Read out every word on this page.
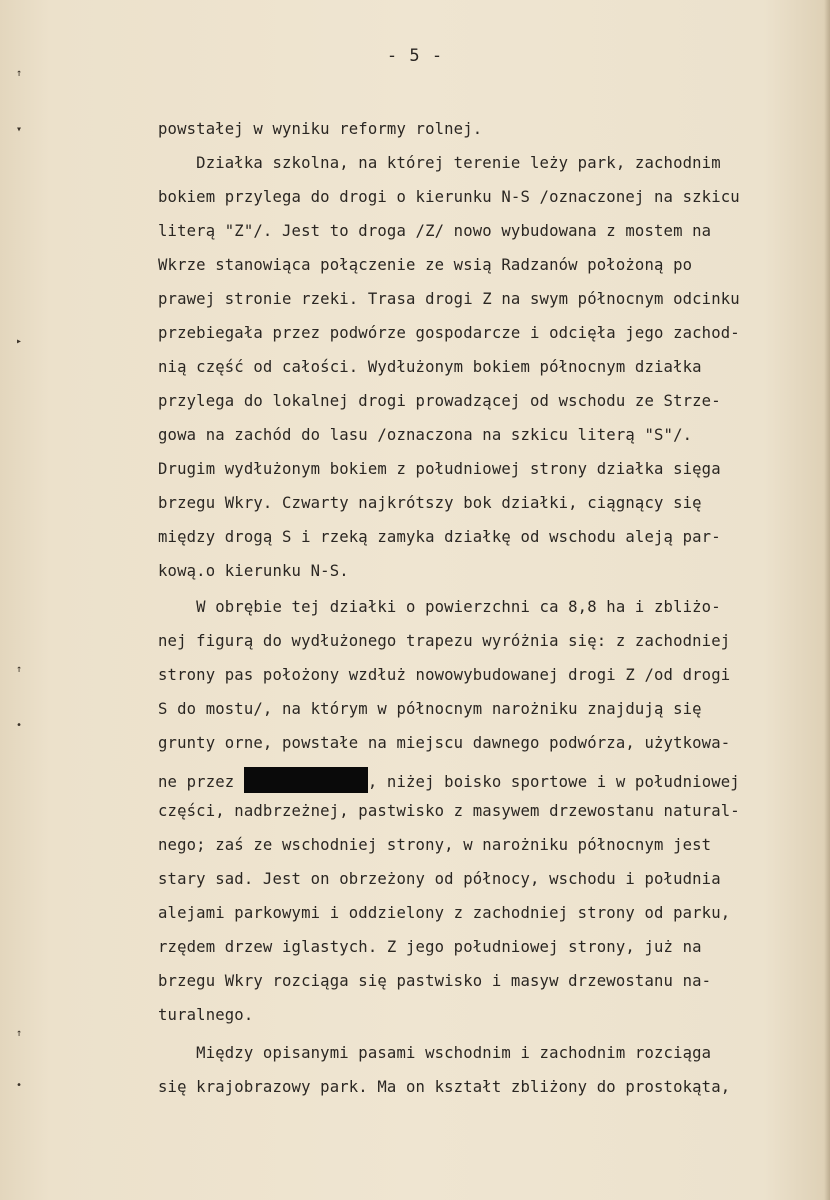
- 5 -
↑
▾
▸
↑
•
↑
•
powstałej w wyniku reformy rolnej.
Działka szkolna, na której terenie leży park, zachodnim
bokiem przylega do drogi o kierunku N-S /oznaczonej na szkicu
literą "Z"/. Jest to droga /Z/ nowo wybudowana z mostem na
Wkrze stanowiąca połączenie ze wsią Radzanów położoną po
prawej stronie rzeki. Trasa drogi Z na swym północnym odcinku
przebiegała przez podwórze gospodarcze i odcięła jego zachod-
nią część od całości. Wydłużonym bokiem północnym działka
przylega do lokalnej drogi prowadzącej od wschodu ze Strze-
gowa na zachód do lasu /oznaczona na szkicu literą "S"/.
Drugim wydłużonym bokiem z południowej strony działka sięga
brzegu Wkry. Czwarty najkrótszy bok działki, ciągnący się
między drogą S i rzeką zamyka działkę od wschodu aleją par-
kową.o kierunku N-S.
W obrębie tej działki o powierzchni ca 8,8 ha i zbliżo-
nej figurą do wydłużonego trapezu wyróżnia się: z zachodniej
strony pas położony wzdłuż nowowybudowanej drogi Z /od drogi
S do mostu/, na którym w północnym narożniku znajdują się
grunty orne, powstałe na miejscu dawnego podwórza, użytkowa-
ne przez	, niżej boisko sportowe i w południowej
części, nadbrzeżnej, pastwisko z masywem drzewostanu natural-
nego; zaś ze wschodniej strony, w narożniku północnym jest
stary sad. Jest on obrzeżony od północy, wschodu i południa
alejami parkowymi i oddzielony z zachodniej strony od parku,
rzędem drzew iglastych. Z jego południowej strony, już na
brzegu Wkry rozciąga się pastwisko i masyw drzewostanu na-
turalnego.
Między opisanymi pasami wschodnim i zachodnim rozciąga
się krajobrazowy park. Ma on kształt zbliżony do prostokąta,
